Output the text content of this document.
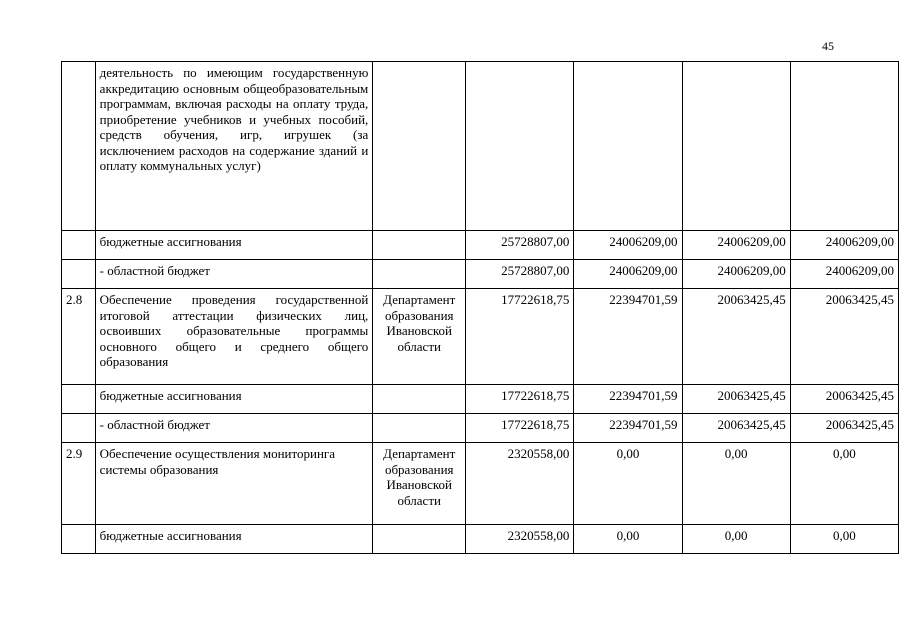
45
	деятельность по имеющим государственную аккредитацию основным общеобразовательным программам, включая расходы на оплату труда, приобретение учебников и учебных пособий, средств обучения, игр, игрушек (за исключением расходов на содержание зданий и оплату коммунальных услуг)					
	бюджетные ассигнования		25728807,00	24006209,00	24006209,00	24006209,00
	- областной бюджет		25728807,00	24006209,00	24006209,00	24006209,00
2.8	Обеспечение проведения государственной итоговой аттестации физических лиц, освоивших образовательные программы основного общего и среднего общего образования	Департамент образования Ивановской области	17722618,75	22394701,59	20063425,45	20063425,45
	бюджетные ассигнования		17722618,75	22394701,59	20063425,45	20063425,45
	- областной бюджет		17722618,75	22394701,59	20063425,45	20063425,45
2.9	Обеспечение осуществления мониторинга системы образования	Департамент образования Ивановской области	2320558,00	0,00	0,00	0,00
	бюджетные ассигнования		2320558,00	0,00	0,00	0,00
